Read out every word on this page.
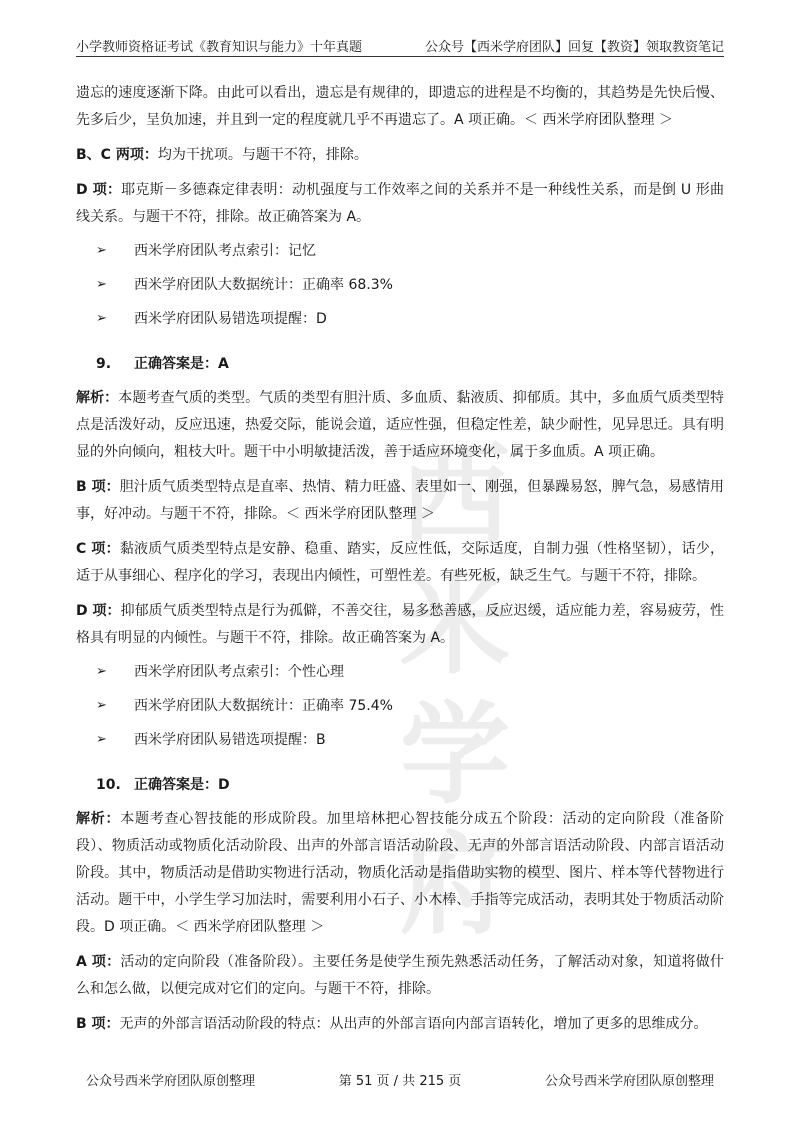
小学教师资格证考试《教育知识与能力》十年真题	公众号【西米学府团队】回复【教资】领取教资笔记
西米学府

遗忘的速度逐渐下降。由此可以看出，遗忘是有规律的，即遗忘的进程是不均衡的，其趋势是先快后慢、先多后少，呈负加速，并且到一定的程度就几乎不再遗忘了。A 项正确。＜ 西米学府团队整理 ＞

B、C 两项：均为干扰项。与题干不符，排除。

D 项：耶克斯－多德森定律表明：动机强度与工作效率之间的关系并不是一种线性关系，而是倒 U 形曲线关系。与题干不符，排除。故正确答案为 A。

➢ 西米学府团队考点索引：记忆
➢ 西米学府团队大数据统计：正确率 68.3%
➢ 西米学府团队易错选项提醒：D
9. 正确答案是：A

解析：本题考查气质的类型。气质的类型有胆汁质、多血质、黏液质、抑郁质。其中，多血质气质类型特点是活泼好动，反应迅速，热爱交际，能说会道，适应性强，但稳定性差，缺少耐性，见异思迁。具有明显的外向倾向，粗枝大叶。题干中小明敏捷活泼，善于适应环境变化，属于多血质。A 项正确。

B 项：胆汁质气质类型特点是直率、热情、精力旺盛、表里如一、刚强，但暴躁易怒，脾气急，易感情用事，好冲动。与题干不符，排除。＜ 西米学府团队整理 ＞

C 项：黏液质气质类型特点是安静、稳重、踏实，反应性低，交际适度，自制力强（性格坚韧），话少，适于从事细心、程序化的学习，表现出内倾性，可塑性差。有些死板，缺乏生气。与题干不符，排除。

D 项：抑郁质气质类型特点是行为孤僻，不善交往，易多愁善感，反应迟缓，适应能力差，容易疲劳，性格具有明显的内倾性。与题干不符，排除。故正确答案为 A。

➢ 西米学府团队考点索引：个性心理
➢ 西米学府团队大数据统计：正确率 75.4%
➢ 西米学府团队易错选项提醒：B
10. 正确答案是：D

解析：本题考查心智技能的形成阶段。加里培林把心智技能分成五个阶段：活动的定向阶段（准备阶段）、物质活动或物质化活动阶段、出声的外部言语活动阶段、无声的外部言语活动阶段、内部言语活动阶段。其中，物质活动是借助实物进行活动，物质化活动是指借助实物的模型、图片、样本等代替物进行活动。题干中，小学生学习加法时，需要利用小石子、小木棒、手指等完成活动，表明其处于物质活动阶段。D 项正确。＜ 西米学府团队整理 ＞

A 项：活动的定向阶段（准备阶段）。主要任务是使学生预先熟悉活动任务，了解活动对象，知道将做什么和怎么做，以便完成对它们的定向。与题干不符，排除。

B 项：无声的外部言语活动阶段的特点：从出声的外部言语向内部言语转化，增加了更多的思维成分。

公众号西米学府团队原创整理	第 51 页 / 共 215 页	公众号西米学府团队原创整理
